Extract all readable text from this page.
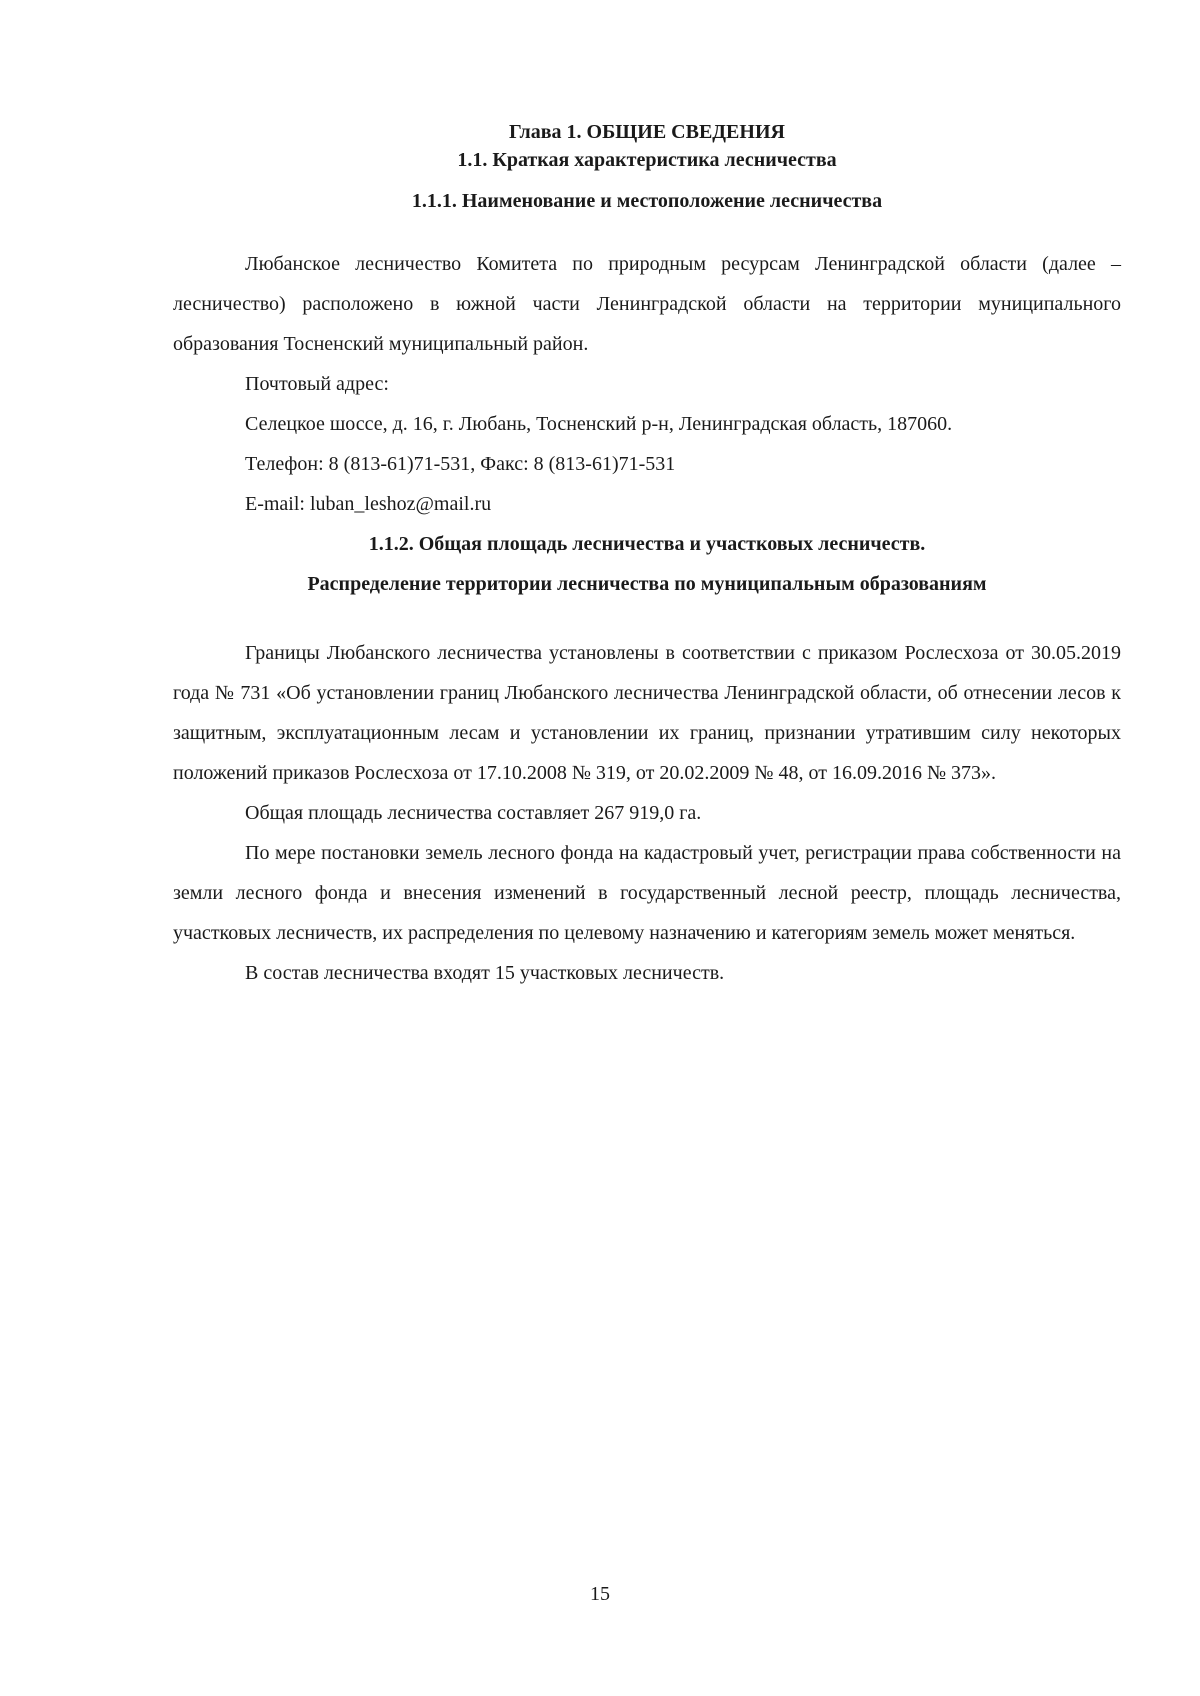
Глава 1. ОБЩИЕ СВЕДЕНИЯ
1.1. Краткая характеристика лесничества
1.1.1. Наименование и местоположение лесничества

Любанское лесничество Комитета по природным ресурсам Ленинградской области (далее – лесничество) расположено в южной части Ленинградской области на территории муниципального образования Тосненский муниципальный район.

Почтовый адрес:

Селецкое шоссе, д. 16, г. Любань, Тосненский р-н, Ленинградская область, 187060.

Телефон: 8 (813-61)71-531, Факс: 8 (813-61)71-531

E-mail: luban_leshoz@mail.ru

1.1.2. Общая площадь лесничества и участковых лесничеств.
Распределение территории лесничества по муниципальным образованиям

Границы Любанского лесничества установлены в соответствии с приказом Рослесхоза от 30.05.2019 года № 731 «Об установлении границ Любанского лесничества Ленинградской области, об отнесении лесов к защитным, эксплуатационным лесам и установлении их границ, признании утратившим силу некоторых положений приказов Рослесхоза от 17.10.2008 № 319, от 20.02.2009 № 48, от 16.09.2016 № 373».

Общая площадь лесничества составляет 267 919,0 га.

По мере постановки земель лесного фонда на кадастровый учет, регистрации права собственности на земли лесного фонда и внесения изменений в государственный лесной реестр, площадь лесничества, участковых лесничеств, их распределения по целевому назначению и категориям земель может меняться.

В состав лесничества входят 15 участковых лесничеств.

15
